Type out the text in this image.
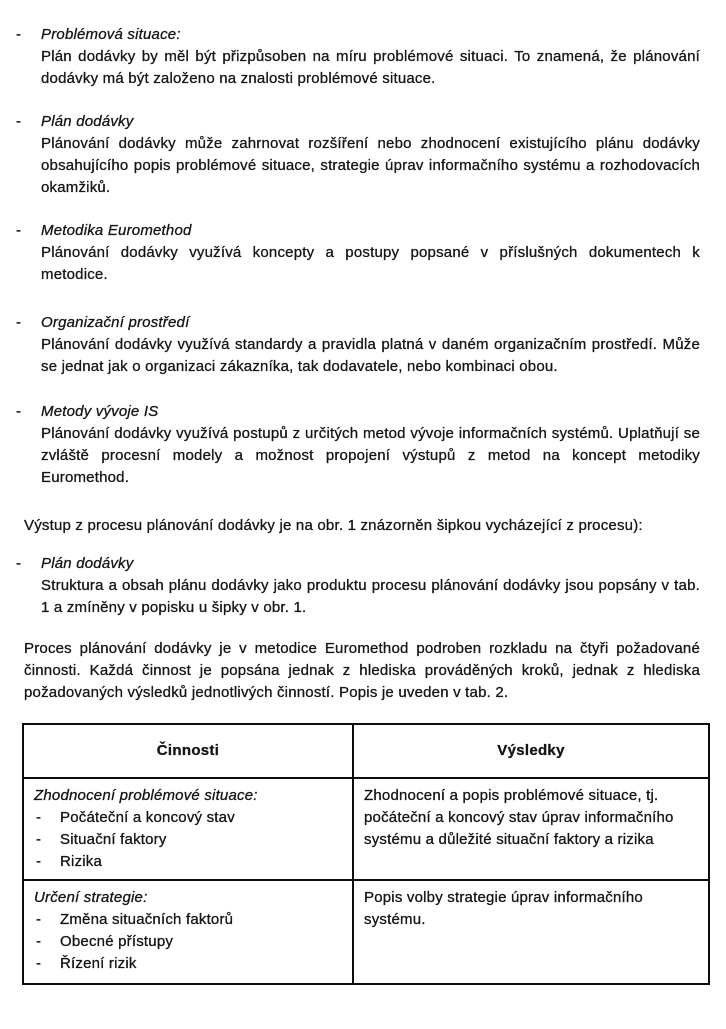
-	Problémová situace:
Plán dodávky by měl být přizpůsoben na míru problémové situaci. To znamená, že plánování dodávky má být založeno na znalosti problémové situace.
-	Plán dodávky
Plánování dodávky může zahrnovat rozšíření nebo zhodnocení existujícího plánu dodávky obsahujícího popis problémové situace, strategie úprav informačního systému a rozhodovacích okamžiků.
-	Metodika Euromethod
Plánování dodávky využívá koncepty a postupy popsané v příslušných dokumentech k metodice.
-	Organizační prostředí
Plánování dodávky využívá standardy a pravidla platná v daném organizačním prostředí. Může se jednat jak o organizaci zákazníka, tak dodavatele, nebo kombinaci obou.
-	Metody vývoje IS
Plánování dodávky využívá postupů z určitých metod vývoje informačních systémů. Uplatňují se zvláště procesní modely a možnost propojení výstupů z metod na koncept metodiky Euromethod.

Výstup z procesu plánování dodávky je na obr. 1 znázorněn šipkou vycházející z procesu):

-	Plán dodávky
Struktura a obsah plánu dodávky jako produktu procesu plánování dodávky jsou popsány v tab. 1 a zmíněny v popisku u šipky v obr. 1.

Proces plánování dodávky je v metodice Euromethod podroben rozkladu na čtyři požadované činnosti. Každá činnost je popsána jednak z hlediska prováděných kroků, jednak z hlediska požadovaných výsledků jednotlivých činností. Popis je uveden v tab. 2.

Činnosti	Výsledky

Zhodnocení problémové situace:
-	Počáteční a koncový stav
-	Situační faktory
-	Rizika
	Zhodnocení a popis problémové situace, tj. počáteční a koncový stav úprav informačního systému a důležité situační faktory a rizika

Určení strategie:
-	Změna situačních faktorů
-	Obecné přístupy
-	Řízení rizik
	Popis volby strategie úprav informačního systému.
